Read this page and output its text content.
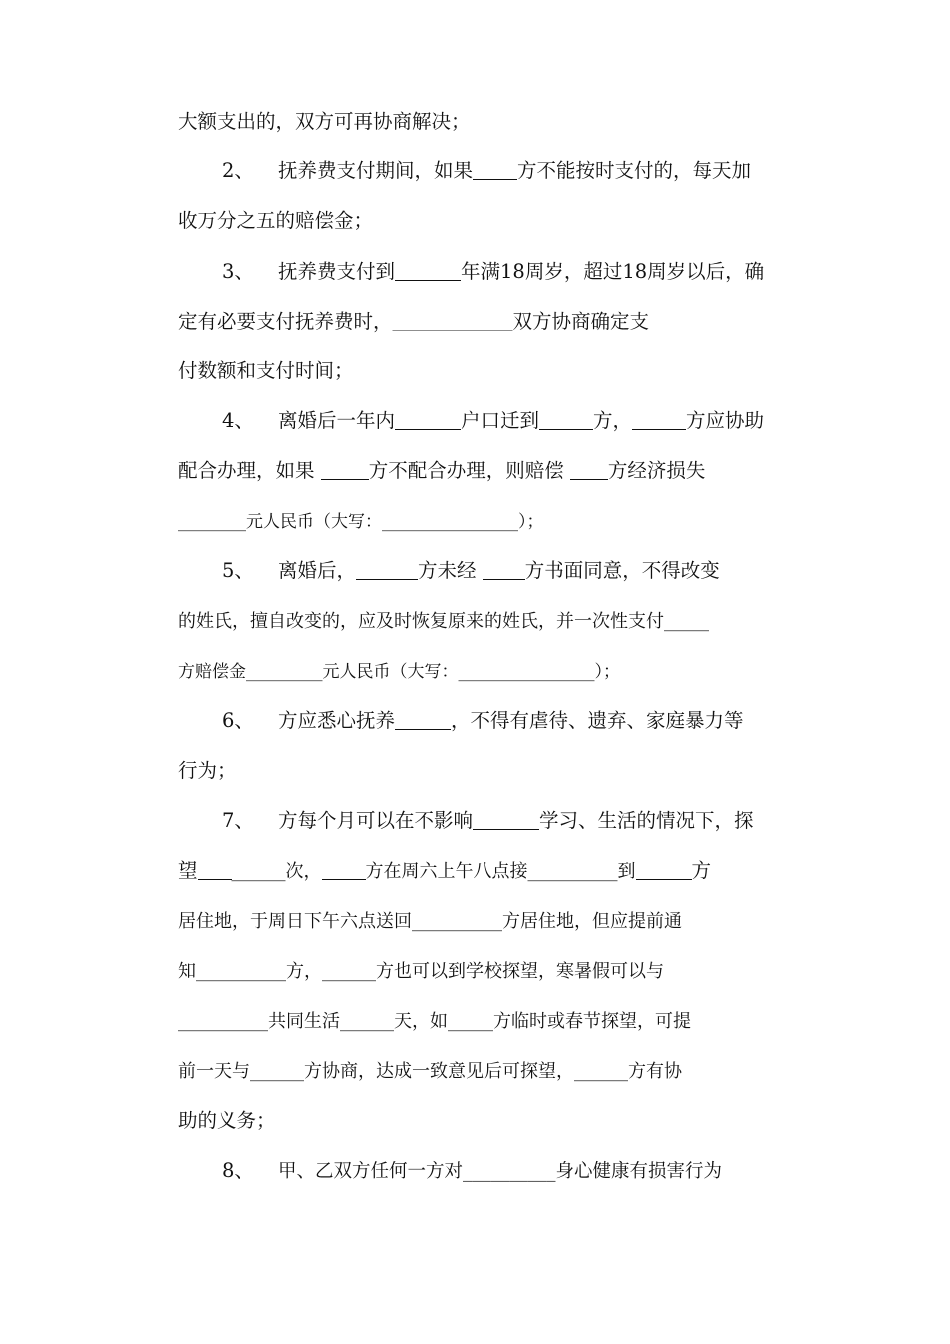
大额支出的，双方可再协商解决；
2、 抚养费支付期间，如果 方不能按时支付的，每天加
收万分之五的赔偿金；
3、 抚养费支付到	年满18周岁，超过18周岁以后，确
定有必要支付抚养费时，____________________双方协商确定支
付数额和支付时间；
4、 离婚后一年内	户口迁到	方，	方应协助
配合办理，如果 方不配合办理，则赔偿 方经济损失
________元人民币（大写：________________）；
5、 离婚后，	方未经 方书面同意，不得改变
的姓氏，擅自改变的，应及时恢复原来的姓氏，并一次性支付_____
方赔偿金_________元人民币（大写：________________）；
6、 方应悉心抚养	，不得有虐待、遗弃、家庭暴力等
行为；
7、 方每个月可以在不影响	学习、生活的情况下，探
望 ______次， 方在周六上午八点接__________到	方
居住地，于周日下午六点送回__________方居住地，但应提前通
知__________方，______方也可以到学校探望，寒暑假可以与
__________共同生活______天，如_____方临时或春节探望，可提
前一天与______方协商，达成一致意见后可探望，______方有协
助的义务；
8、 甲、乙双方任何一方对__________身心健康有损害行为
